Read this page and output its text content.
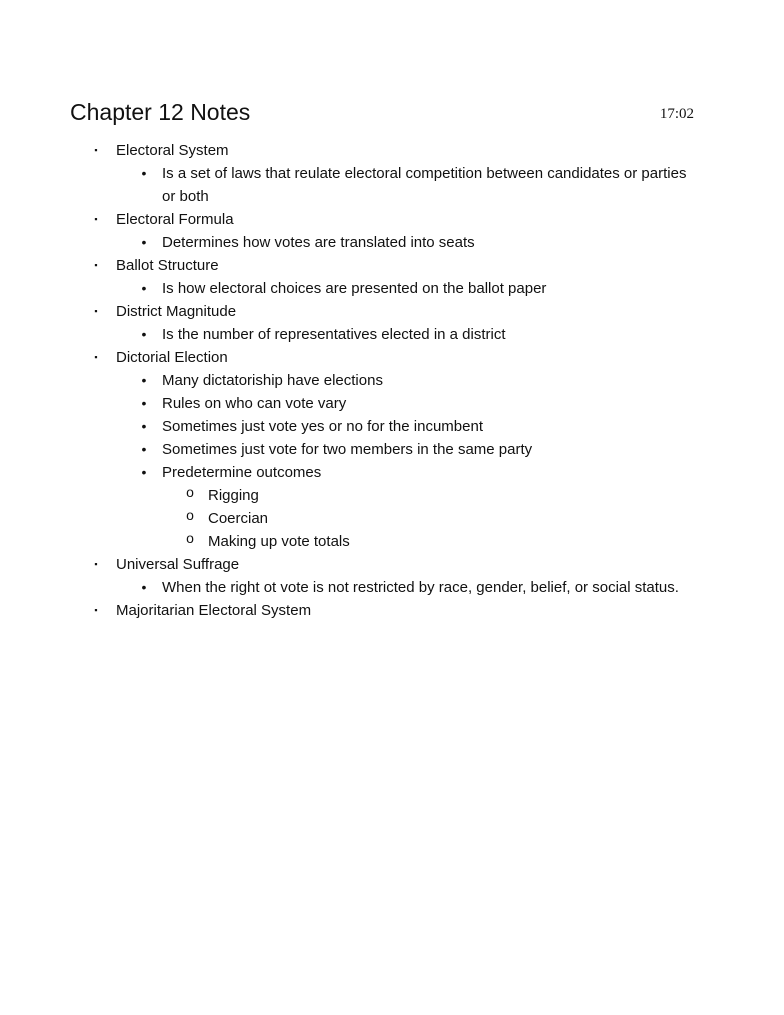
Chapter 12 Notes	17:02
▪	Electoral System
•	Is a set of laws that reulate electoral competition between candidates or parties or both
▪	Electoral Formula
•	Determines how votes are translated into seats
▪	Ballot Structure
•	Is how electoral choices are presented on the ballot paper
▪	District Magnitude
•	Is the number of representatives elected in a district
▪	Dictorial Election
•	Many dictatoriship have elections
•	Rules on who can vote vary
•	Sometimes just vote yes or no for the incumbent
•	Sometimes just vote for two members in the same party
•	Predetermine outcomes
o Rigging
o Coercian
o Making up vote totals
▪	Universal Suffrage
•	When the right ot vote is not restricted by race, gender, belief, or social status.
▪	Majoritarian Electoral System
